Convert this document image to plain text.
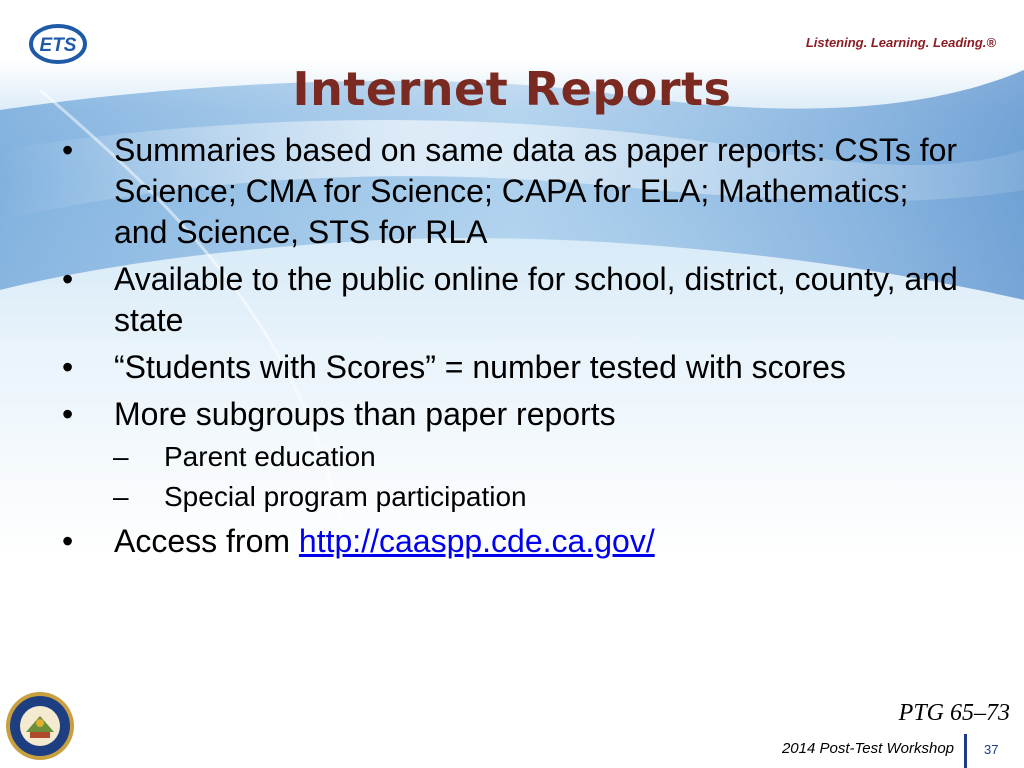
ETS	Listening. Learning. Leading.®
Internet Reports
• Summaries based on same data as paper reports: CSTs for Science; CMA for Science; CAPA for ELA; Mathematics; and Science, STS for RLA
• Available to the public online for school, district, county, and state
• “Students with Scores” = number tested with scores
• More subgroups than paper reports
– Parent education
– Special program participation
• Access from http://caaspp.cde.ca.gov/
PTG 65–73
2014 Post-Test Workshop 37
